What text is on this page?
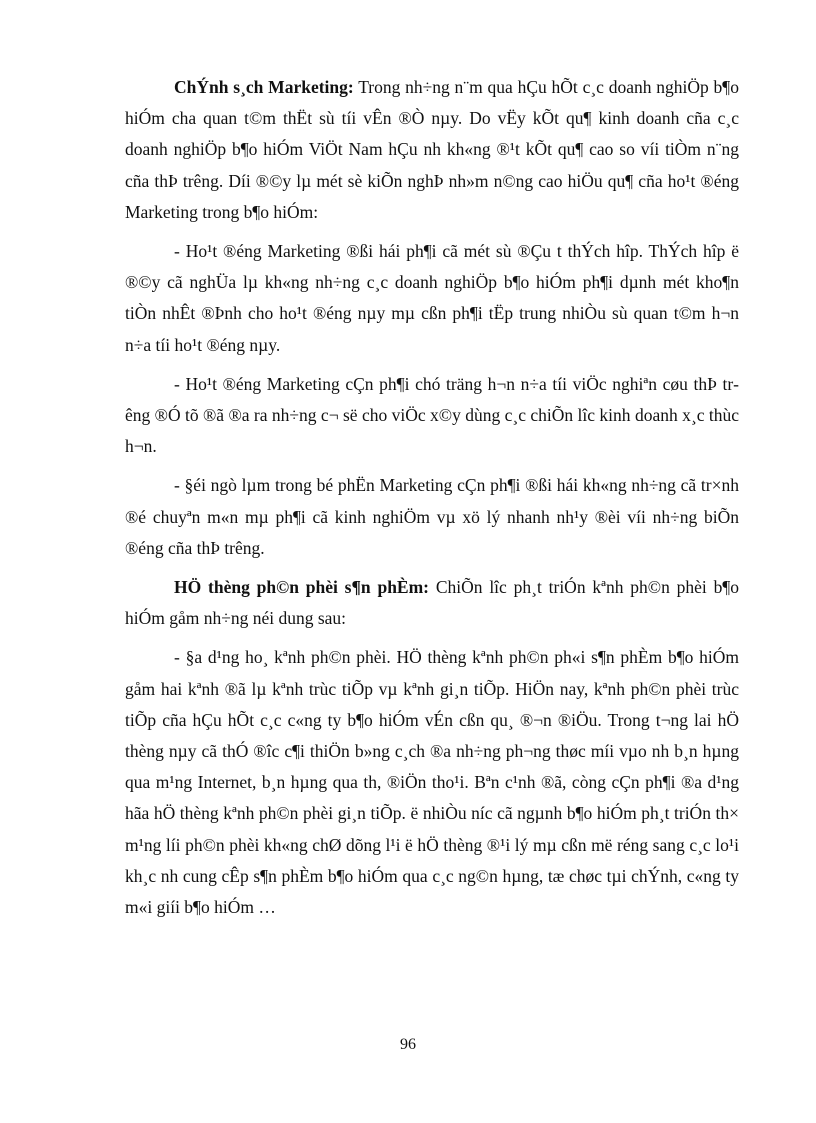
ChÝnh s¸ch Marketing: Trong nh÷ng n¨m qua hÇu hÕt c¸c doanh nghiÖp b¶o hiÓm cha quan t©m thËt sù tíi vÊn ®Ò nµy. Do vËy kÕt qu¶ kinh doanh cña c¸c doanh nghiÖp b¶o hiÓm ViÖt Nam hÇu nh kh«ng ®¹t kÕt qu¶ cao so víi tiÒm n¨ng cña thÞ trêng. Díi ®©y lµ mét sè kiÕn nghÞ nh»m n©ng cao hiÖu qu¶ cña ho¹t ®éng Marketing trong b¶o hiÓm:

- Ho¹t ®éng Marketing ®ßi hái ph¶i cã mét sù ®Çu t thÝch hîp. ThÝch hîp ë ®©y cã nghÜa lµ kh«ng nh÷ng c¸c doanh nghiÖp b¶o hiÓm ph¶i dµnh mét kho¶n tiÒn nhÊt ®Þnh cho ho¹t ®éng nµy mµ cßn ph¶i tËp trung nhiÒu sù quan t©m h¬n n÷a tíi ho¹t ®éng nµy.

- Ho¹t ®éng Marketing cÇn ph¶i chó träng h¬n n÷a tíi viÖc nghiªn cøu thÞ trêng ®Ó tõ ®ã ®a ra nh÷ng c¬ së cho viÖc x©y dùng c¸c chiÕn lîc kinh doanh x¸c thùc h¬n.

- §éi ngò lµm trong bé phËn Marketing cÇn ph¶i ®ßi hái kh«ng nh÷ng cã tr×nh ®é chuyªn m«n mµ ph¶i cã kinh nghiÖm vµ xö lý nhanh nh¹y ®èi víi nh÷ng biÕn ®éng cña thÞ trêng.

HÖ thèng ph©n phèi s¶n phÈm: ChiÕn lîc ph¸t triÓn kªnh ph©n phèi b¶o hiÓm gåm nh÷ng néi dung sau:

- §a d¹ng ho¸ kªnh ph©n phèi. HÖ thèng kªnh ph©n ph«i s¶n phÈm b¶o hiÓm gåm hai kªnh ®ã lµ kªnh trùc tiÕp vµ kªnh gi¸n tiÕp. HiÖn nay, kªnh ph©n phèi trùc tiÕp cña hÇu hÕt c¸c c«ng ty b¶o hiÓm vÉn cßn qu¸ ®¬n ®iÖu. Trong t¬ng lai hÖ thèng nµy cã thÓ ®îc c¶i thiÖn b»ng c¸ch ®a nh÷ng ph¬ng thøc míi vµo nh b¸n hµng qua m¹ng Internet, b¸n hµng qua th, ®iÖn tho¹i. Bªn c¹nh ®ã, còng cÇn ph¶i ®a d¹ng hãa hÖ thèng kªnh ph©n phèi gi¸n tiÕp. ë nhiÒu níc cã ngµnh b¶o hiÓm ph¸t triÓn th× m¹ng líi ph©n phèi kh«ng chØ dõng l¹i ë hÖ thèng ®¹i lý mµ cßn më réng sang c¸c lo¹i kh¸c nh cung cÊp s¶n phÈm b¶o hiÓm qua c¸c ng©n hµng, tæ chøc tµi chÝnh, c«ng ty m«i giíi b¶o hiÓm …

96
